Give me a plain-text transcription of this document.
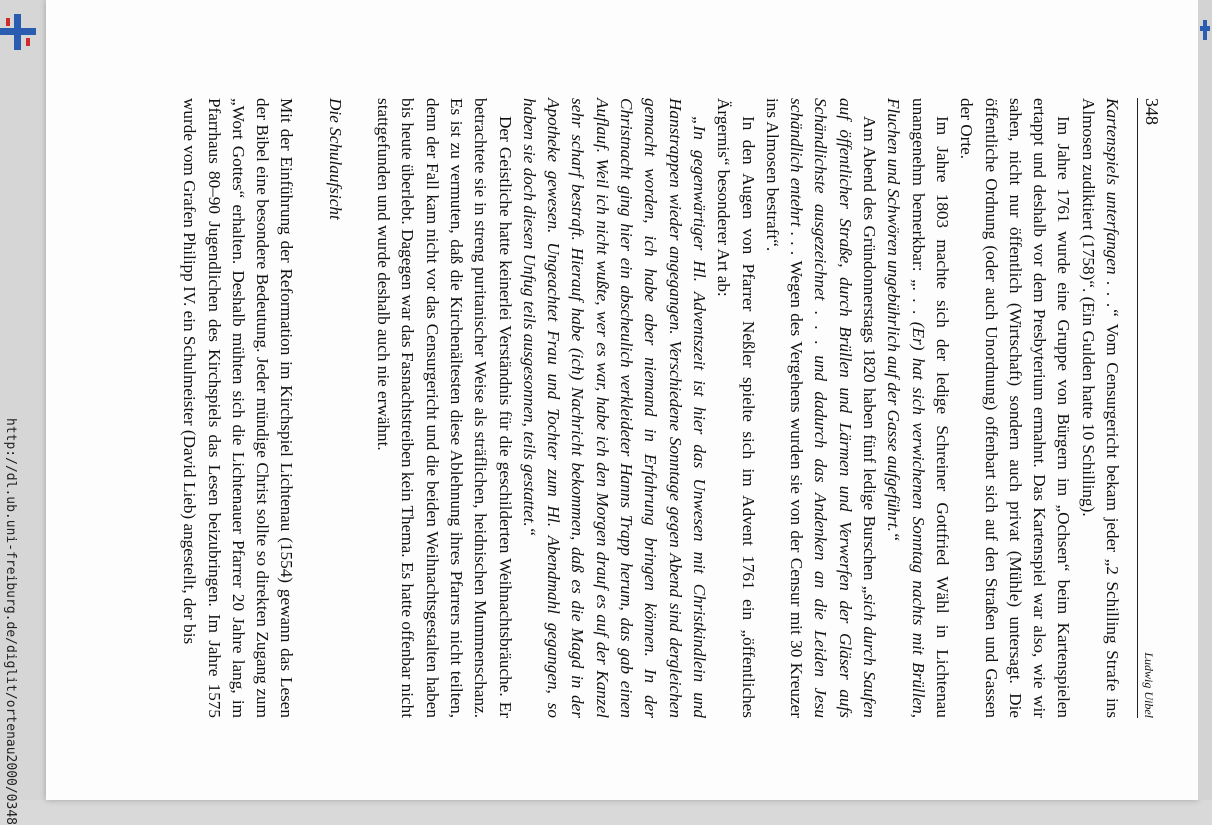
http://dl.ub.uni-freiburg.de/diglit/ortenau2000/0348
348
Ludwig Uibel

Kartenspiels unterfangen . . .“ Vom Censurgericht bekam jeder „2 Schilling Strafe ins Almosen zudiktiert (1758)“. (Ein Gulden hatte 10 Schilling).

Im Jahre 1761 wurde eine Gruppe von Bürgern im „Ochsen“ beim Kartenspielen ertappt und deshalb vor dem Presbyterium ermahnt. Das Kartenspiel war also, wie wir sahen, nicht nur öffentlich (Wirtschaft) sondern auch privat (Mühle) untersagt. Die öffentliche Ordnung (oder auch Unordnung) offenbart sich auf den Straßen und Gassen der Orte.

Im Jahre 1803 machte sich der ledige Schreiner Gottfried Wähl in Lichtenau unangenehm bemerkbar: „. . . (Er) hat sich verwichenen Sonntag nachts mit Brüllen, Fluchen und Schwören ungebührlich auf der Gasse aufgeführt.“

Am Abend des Gründonnerstags 1820 haben fünf ledige Burschen „sich durch Saufen auf öffentlicher Straße, durch Brüllen und Lärmen und Verwerfen der Gläser aufs Schändlichste ausgezeichnet . . . und dadurch das Andenken an die Leiden Jesu schändlich entehrt . . . Wegen des Vergehens wurden sie von der Censur mit 30 Kreuzer ins Almosen bestraft“.

In den Augen von Pfarrer Neßler spielte sich im Advent 1761 ein „öffentliches Ärgernis“ besonderer Art ab:

„In gegenwärtiger Hl. Adventszeit ist hier das Unwesen mit Christkindlein und Hanstrappen wieder angegangen. Verschiedene Sonntage gegen Abend sind dergleichen gemacht worden, ich habe aber niemand in Erfahrung bringen können. In der Christnacht ging hier ein abscheulich verkleideter Hanns Trapp herum, das gab einen Auflauf. Weil ich nicht wußte, wer es war, habe ich den Morgen drauf es auf der Kanzel sehr scharf bestraft. Hierauf habe (ich) Nachricht bekommen, daß es die Magd in der Apotheke gewesen. Ungeachtet Frau und Tochter zum Hl. Abendmahl gegangen, so haben sie doch diesen Unfug teils ausgesonnen, teils gestattet.“

Der Geistliche hatte keinerlei Verständnis für die geschilderten Weihnachtsbräuche. Er betrachtete sie in streng puritanischer Weise als sträflichen, heidnischen Mummenschanz. Es ist zu vermuten, daß die Kirchenältesten diese Ablehnung ihres Pfarrers nicht teilten, denn der Fall kam nicht vor das Censurgericht und die beiden Weihnachtsgestalten haben bis heute überlebt. Dagegen war das Fasnachtstreiben kein Thema. Es hatte offenbar nicht stattgefunden und wurde deshalb auch nie erwähnt.

Die Schulaufsicht

Mit der Einführung der Reformation im Kirchspiel Lichtenau (1554) gewann das Lesen der Bibel eine besondere Bedeutung. Jeder mündige Christ sollte so direkten Zugang zum „Wort Gottes“ erhalten. Deshalb mühten sich die Lichtenauer Pfarrer 20 Jahre lang, im Pfarrhaus 80–90 Jugendlichen des Kirchspiels das Lesen beizubringen. Im Jahre 1575 wurde vom Grafen Philipp IV. ein Schulmeister (David Lieb) angestellt, der bis
